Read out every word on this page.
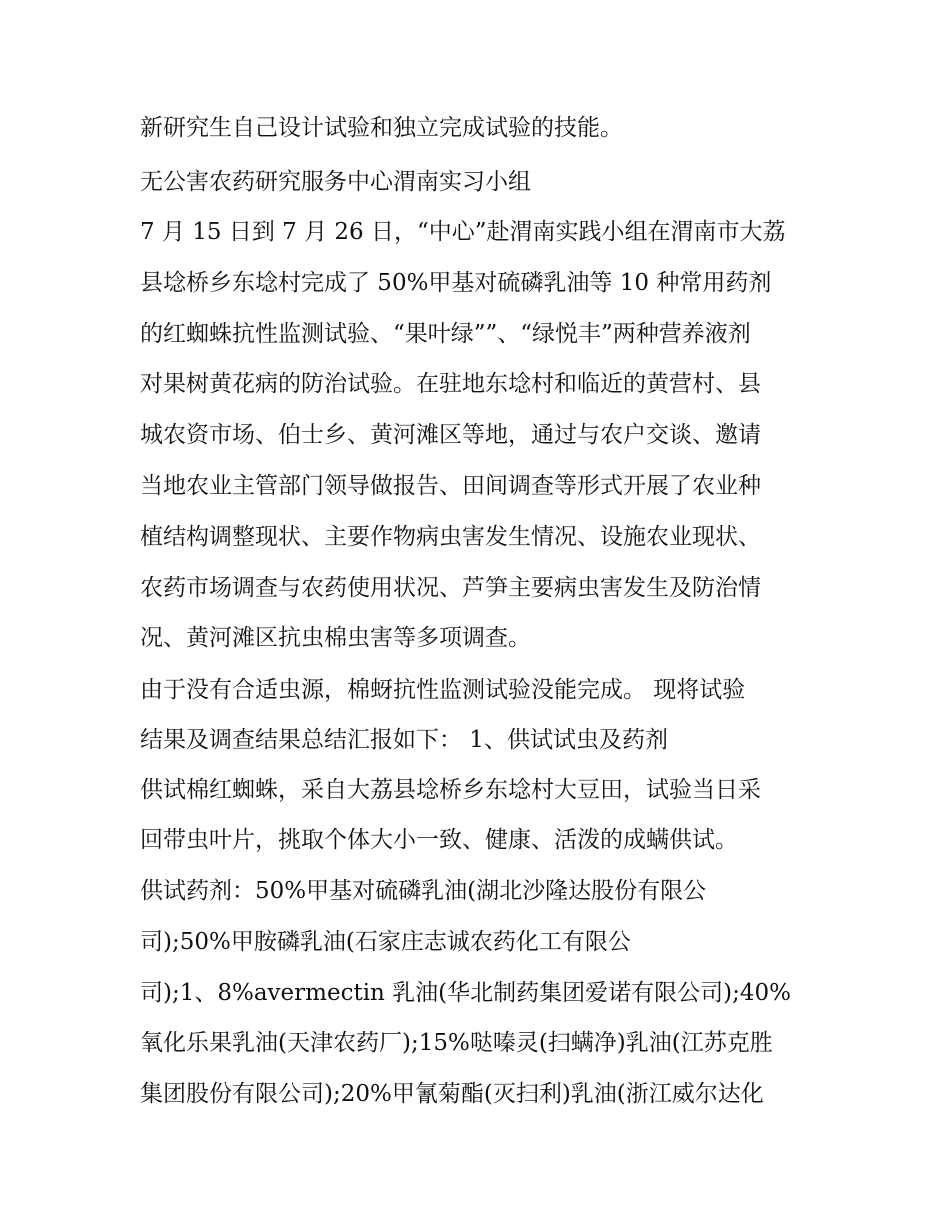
新研究生自己设计试验和独立完成试验的技能。
无公害农药研究服务中心渭南实习小组
7 月 15 日到 7 月 26 日，“中心”赴渭南实践小组在渭南市大荔
县埝桥乡东埝村完成了 50%甲基对硫磷乳油等 10 种常用药剂
的红蜘蛛抗性监测试验、“果叶绿””、“绿悦丰”两种营养液剂
对果树黄花病的防治试验。在驻地东埝村和临近的黄营村、县
城农资市场、伯士乡、黄河滩区等地，通过与农户交谈、邀请
当地农业主管部门领导做报告、田间调查等形式开展了农业种
植结构调整现状、主要作物病虫害发生情况、设施农业现状、
农药市场调查与农药使用状况、芦笋主要病虫害发生及防治情
况、黄河滩区抗虫棉虫害等多项调查。
由于没有合适虫源，棉蚜抗性监测试验没能完成。 现将试验
结果及调查结果总结汇报如下： 1、供试试虫及药剂
供试棉红蜘蛛，采自大荔县埝桥乡东埝村大豆田，试验当日采
回带虫叶片，挑取个体大小一致、健康、活泼的成螨供试。
供试药剂：50%甲基对硫磷乳油(湖北沙隆达股份有限公
司);50%甲胺磷乳油(石家庄志诚农药化工有限公
司);1、8%avermectin 乳油(华北制药集团爱诺有限公司);40%
氧化乐果乳油(天津农药厂);15%哒嗪灵(扫螨净)乳油(江苏克胜
集团股份有限公司);20%甲氰菊酯(灭扫利)乳油(浙江威尔达化
